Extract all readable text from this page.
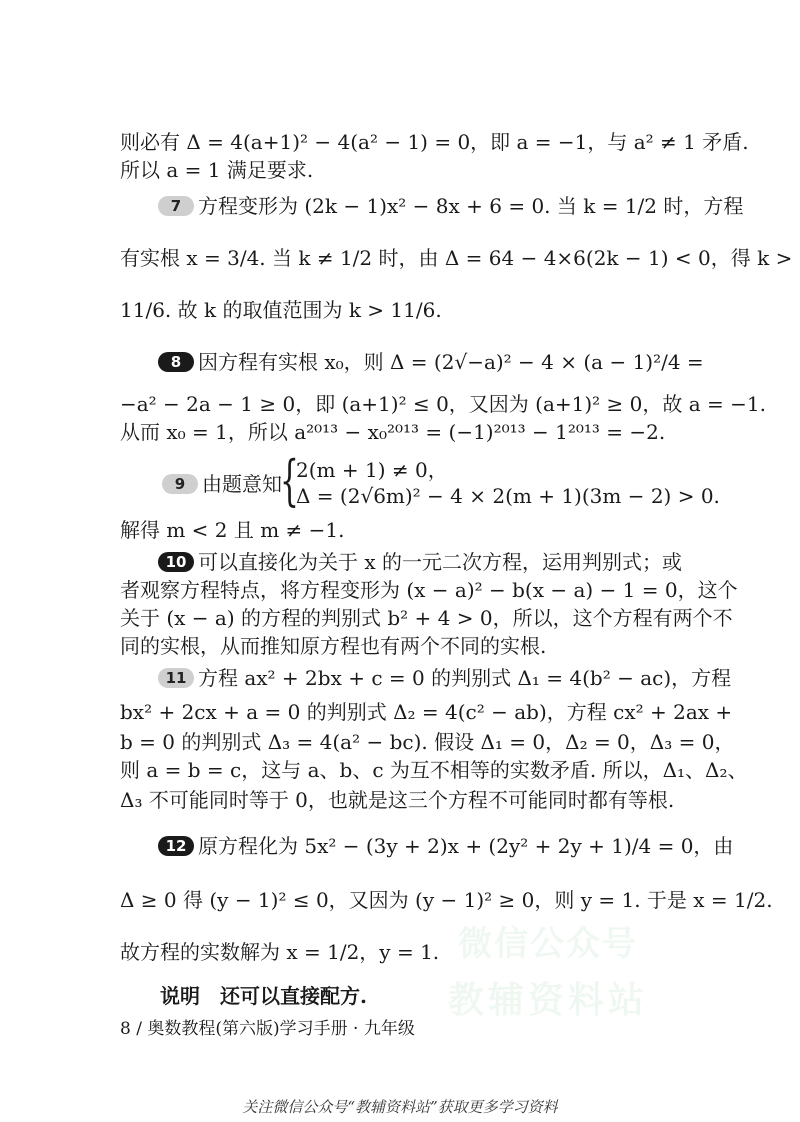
微信公众号
教辅资料站
则必有 Δ = 4(a+1)² − 4(a² − 1) = 0，即 a = −1，与 a² ≠ 1 矛盾.
所以 a = 1 满足要求.
7 方程变形为 (2k − 1)x² − 8x + 6 = 0. 当 k = 1/2 时，方程
有实根 x = 3/4. 当 k ≠ 1/2 时，由 Δ = 64 − 4×6(2k − 1) < 0，得 k >
11/6. 故 k 的取值范围为 k > 11/6.
8 因方程有实根 x₀，则 Δ = (2√−a)² − 4 × (a − 1)²/4 =
−a² − 2a − 1 ≥ 0，即 (a+1)² ≤ 0，又因为 (a+1)² ≥ 0，故 a = −1.
从而 x₀ = 1，所以 a²⁰¹³ − x₀²⁰¹³ = (−1)²⁰¹³ − 1²⁰¹³ = −2.
9 由题意知
{
2(m + 1) ≠ 0，
Δ = (2√6m)² − 4 × 2(m + 1)(3m − 2) > 0.
解得 m < 2 且 m ≠ −1.
10 可以直接化为关于 x 的一元二次方程，运用判别式；或
者观察方程特点，将方程变形为 (x − a)² − b(x − a) − 1 = 0，这个
关于 (x − a) 的方程的判别式 b² + 4 > 0，所以，这个方程有两个不
同的实根，从而推知原方程也有两个不同的实根.
11 方程 ax² + 2bx + c = 0 的判别式 Δ₁ = 4(b² − ac)，方程
bx² + 2cx + a = 0 的判别式 Δ₂ = 4(c² − ab)，方程 cx² + 2ax +
b = 0 的判别式 Δ₃ = 4(a² − bc). 假设 Δ₁ = 0，Δ₂ = 0，Δ₃ = 0，
则 a = b = c，这与 a、b、c 为互不相等的实数矛盾. 所以，Δ₁、Δ₂、
Δ₃ 不可能同时等于 0，也就是这三个方程不可能同时都有等根.
12 原方程化为 5x² − (3y + 2)x + (2y² + 2y + 1)/4 = 0，由
Δ ≥ 0 得 (y − 1)² ≤ 0，又因为 (y − 1)² ≥ 0，则 y = 1. 于是 x = 1/2.
故方程的实数解为 x = 1/2，y = 1.
说明　还可以直接配方.
8 / 奥数教程(第六版)学习手册 · 九年级
关注微信公众号“教辅资料站”获取更多学习资料
